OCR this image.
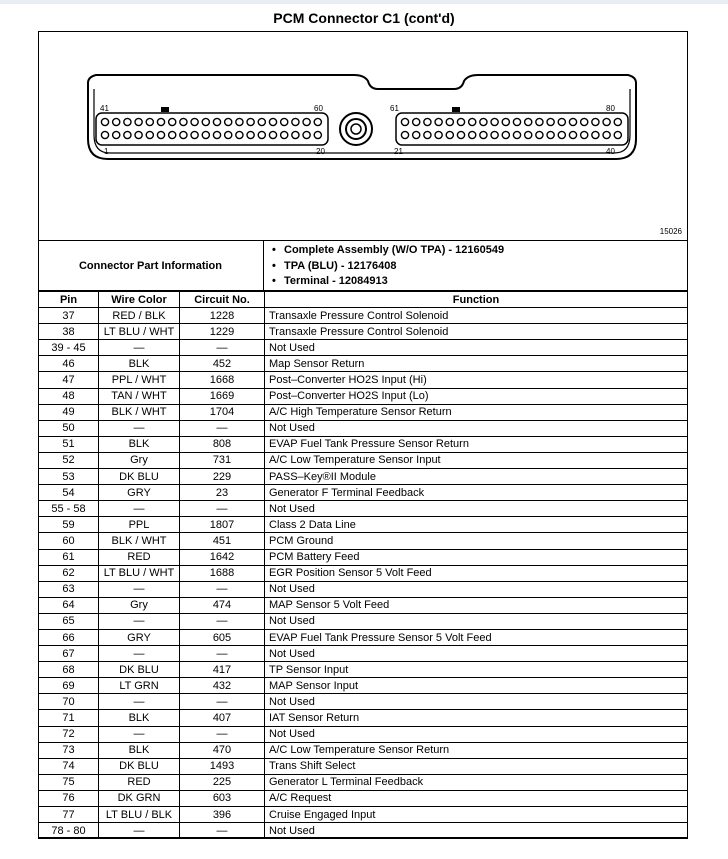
PCM Connector C1 (cont'd)
41	60
1	20
61	80
21	40
15026
Connector Part Information
• Complete Assembly (W/O TPA) - 12160549
• TPA (BLU) - 12176408
• Terminal - 12084913
Pin	Wire Color	Circuit No.	Function
37	RED / BLK	1228	Transaxle Pressure Control Solenoid
38	LT BLU / WHT	1229	Transaxle Pressure Control Solenoid
39 - 45	—	—	Not Used
46	BLK	452	Map Sensor Return
47	PPL / WHT	1668	Post–Converter HO2S Input (Hi)
48	TAN / WHT	1669	Post–Converter HO2S Input (Lo)
49	BLK / WHT	1704	A/C High Temperature Sensor Return
50	—	—	Not Used
51	BLK	808	EVAP Fuel Tank Pressure Sensor Return
52	Gry	731	A/C Low Temperature Sensor Input
53	DK BLU	229	PASS–Key®II Module
54	GRY	23	Generator F Terminal Feedback
55 - 58	—	—	Not Used
59	PPL	1807	Class 2 Data Line
60	BLK / WHT	451	PCM Ground
61	RED	1642	PCM Battery Feed
62	LT BLU / WHT	1688	EGR Position Sensor 5 Volt Feed
63	—	—	Not Used
64	Gry	474	MAP Sensor 5 Volt Feed
65	—	—	Not Used
66	GRY	605	EVAP Fuel Tank Pressure Sensor 5 Volt Feed
67	—	—	Not Used
68	DK BLU	417	TP Sensor Input
69	LT GRN	432	MAP Sensor Input
70	—	—	Not Used
71	BLK	407	IAT Sensor Return
72	—	—	Not Used
73	BLK	470	A/C Low Temperature Sensor Return
74	DK BLU	1493	Trans Shift Select
75	RED	225	Generator L Terminal Feedback
76	DK GRN	603	A/C Request
77	LT BLU / BLK	396	Cruise Engaged Input
78 - 80	—	—	Not Used
